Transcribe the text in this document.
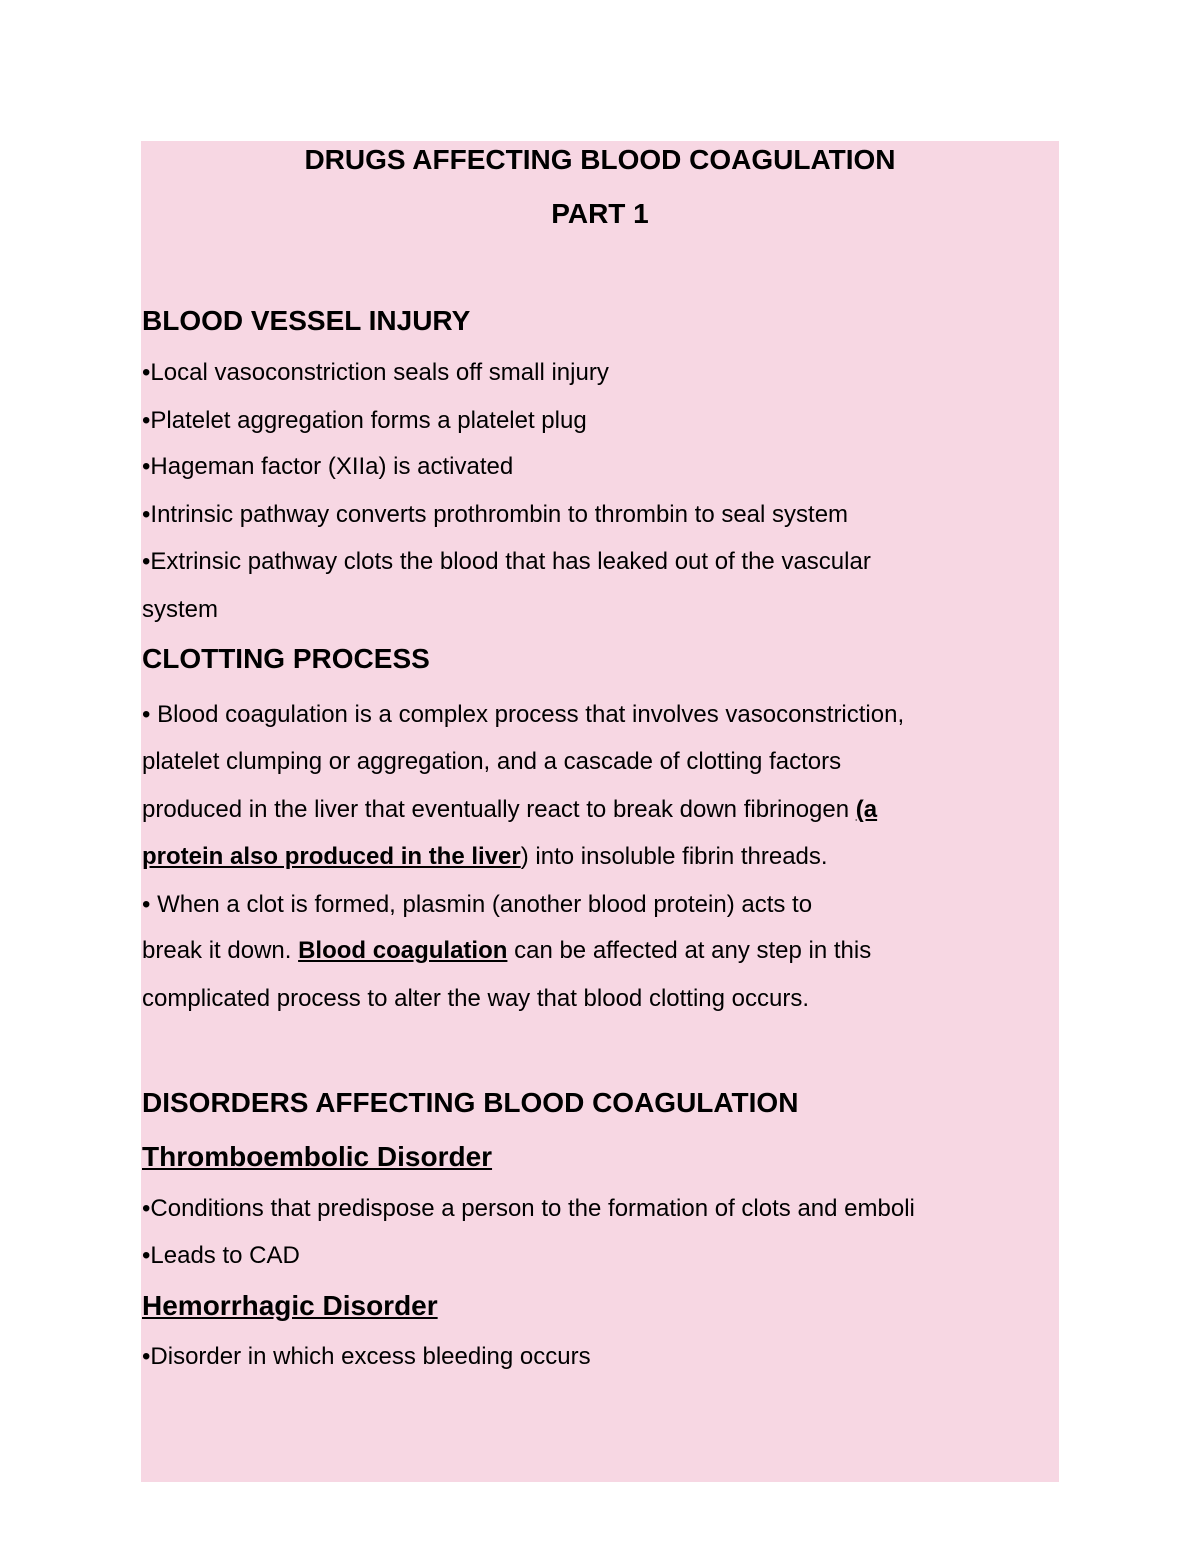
DRUGS AFFECTING BLOOD COAGULATION

PART 1

BLOOD VESSEL INJURY

•Local vasoconstriction seals off small injury

•Platelet aggregation forms a platelet plug

•Hageman factor (XIIa) is activated

•Intrinsic pathway converts prothrombin to thrombin to seal system

•Extrinsic pathway clots the blood that has leaked out of the vascular

system

CLOTTING PROCESS

• Blood coagulation is a complex process that involves vasoconstriction,

platelet clumping or aggregation, and a cascade of clotting factors

produced in the liver that eventually react to break down fibrinogen (a

protein also produced in the liver) into insoluble fibrin threads.

• When a clot is formed, plasmin (another blood protein) acts to

break it down. Blood coagulation can be affected at any step in this

complicated process to alter the way that blood clotting occurs.

DISORDERS AFFECTING BLOOD COAGULATION

Thromboembolic Disorder

•Conditions that predispose a person to the formation of clots and emboli

•Leads to CAD

Hemorrhagic Disorder

•Disorder in which excess bleeding occurs
